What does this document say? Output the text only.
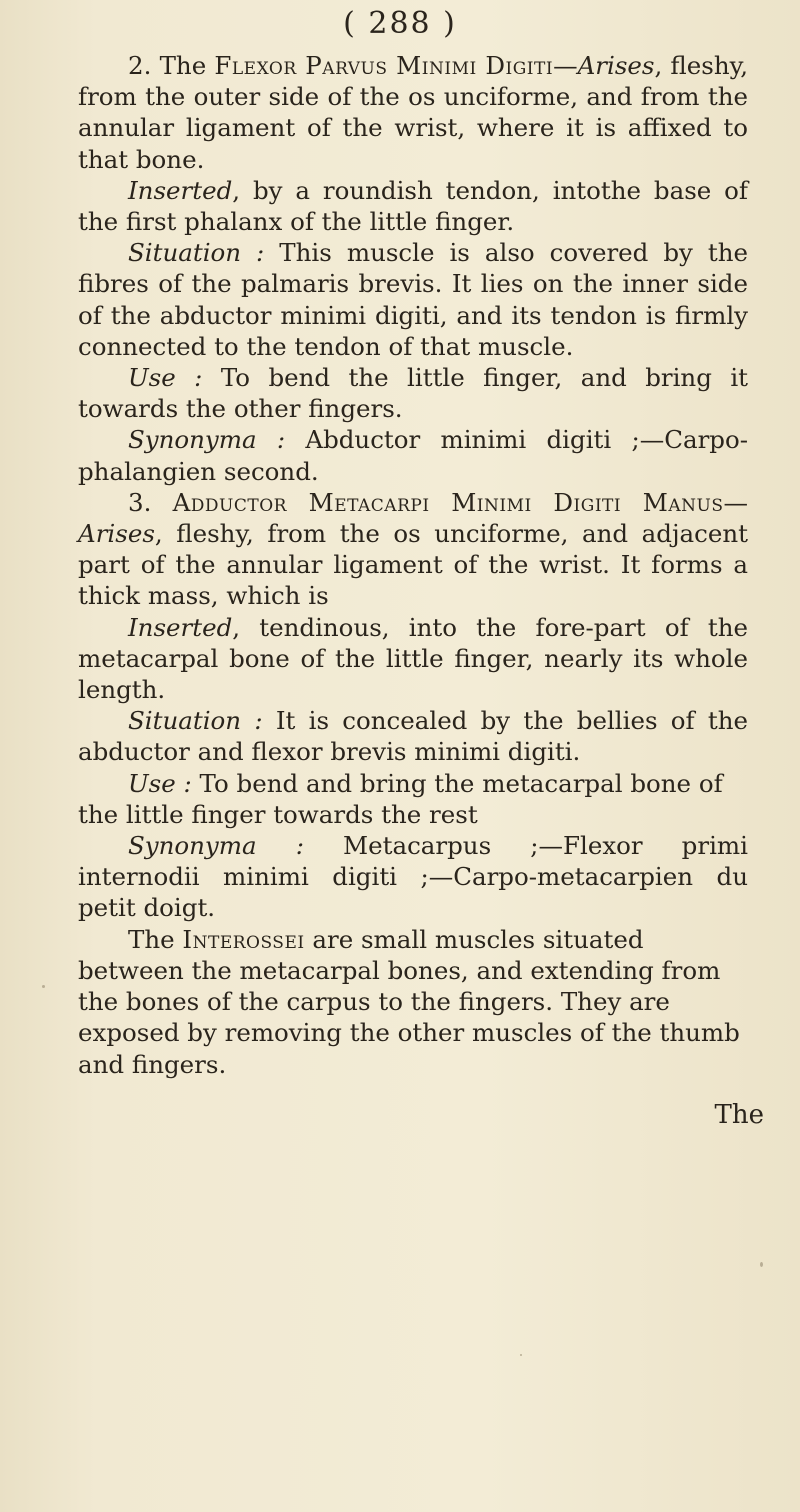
( 288 )

2. The Flexor Parvus Minimi Digiti—Arises, fleshy, from the outer side of the os unciforme, and from the annular ligament of the wrist, where it is affixed to that bone.

Inserted, by a roundish tendon, intothe base of the first phalanx of the little finger.

Situation : This muscle is also covered by the fibres of the palmaris brevis. It lies on the inner side of the abductor minimi digiti, and its tendon is firmly connected to the tendon of that muscle.

Use : To bend the little finger, and bring it towards the other fingers.

Synonyma : Abductor minimi digiti ;—Carpo-phalangien second.

3. Adductor Metacarpi Minimi Digiti Manus—Arises, fleshy, from the os unciforme, and adjacent part of the annular ligament of the wrist. It forms a thick mass, which is

Inserted, tendinous, into the fore-part of the metacarpal bone of the little finger, nearly its whole length.

Situation : It is concealed by the bellies of the abductor and flexor brevis minimi digiti.

Use : To bend and bring the metacarpal bone of the little finger towards the rest

Synonyma : Metacarpus ;—Flexor primi internodii minimi digiti ;—Carpo-metacarpien du petit doigt.

The Interossei are small muscles situated between the metacarpal bones, and extending from the bones of the carpus to the fingers. They are exposed by removing the other muscles of the thumb and fingers.

The
